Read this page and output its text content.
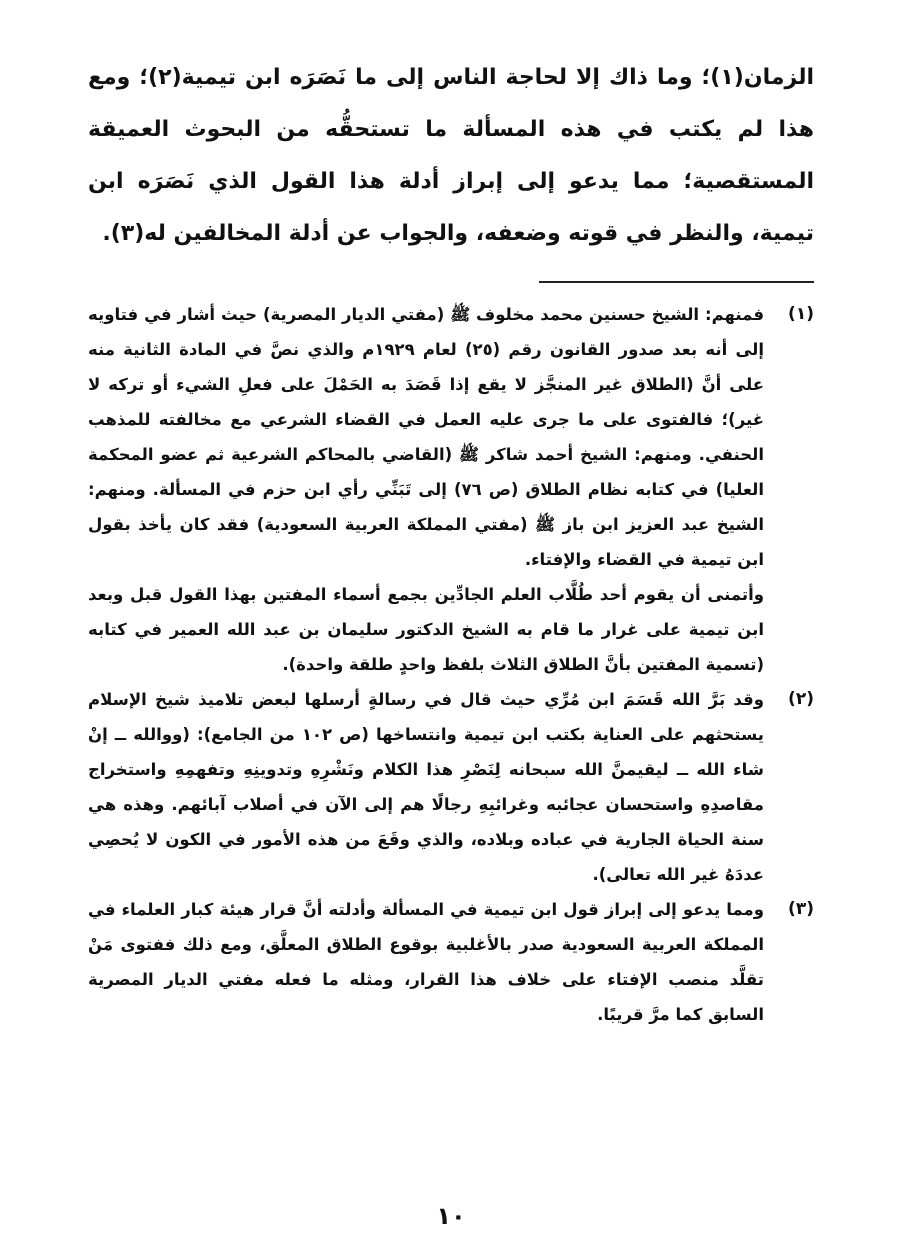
الزمان(١)؛ وما ذاك إلا لحاجة الناس إلى ما نَصَرَه ابن تيمية(٢)؛ ومع هذا لم يكتب في هذه المسألة ما تستحقُّه من البحوث العميقة المستقصية؛ مما يدعو إلى إبراز أدلة هذا القول الذي نَصَرَه ابن تيمية، والنظر في قوته وضعفه، والجواب عن أدلة المخالفين له(٣).

(١)

فمنهم: الشيخ حسنين محمد مخلوف ﷺ (مفتي الديار المصرية) حيث أشار في فتاويه إلى أنه بعد صدور القانون رقم (٢٥) لعام ١٩٢٩م والذي نصَّ في المادة الثانية منه على أنَّ (الطلاق غير المنجَّز لا يقع إذا قَصَدَ به الحَمْلَ على فعلِ الشيء أو تركه لا غير)؛ فالفتوى على ما جرى عليه العمل في القضاء الشرعي مع مخالفته للمذهب الحنفي. ومنهم: الشيخ أحمد شاكر ﷺ (القاضي بالمحاكم الشرعية ثم عضو المحكمة العليا) في كتابه نظام الطلاق (ص ٧٦) إلى تَبَنِّي رأي ابن حزم في المسألة. ومنهم: الشيخ عبد العزيز ابن باز ﷺ (مفتي المملكة العربية السعودية) فقد كان يأخذ بقول ابن تيمية في القضاء والإفتاء.

وأتمنى أن يقوم أحد طُلَّاب العلم الجادِّين بجمع أسماء المفتين بهذا القول قبل وبعد ابن تيمية على غرار ما قام به الشيخ الدكتور سليمان بن عبد الله العمير في كتابه (تسمية المفتين بأنَّ الطلاق الثلاث بلفظ واحدٍ طلقة واحدة).

(٢)

وقد بَرَّ الله قَسَمَ ابن مُرِّي حيث قال في رسالةٍ أرسلها لبعض تلاميذ شيخ الإسلام يستحثهم على العناية بكتب ابن تيمية وانتساخها (ص ١٠٢ من الجامع): (ووالله ــ إنْ شاء الله ــ ليقيمنَّ الله سبحانه لِنَصْرِ هذا الكلام ونَشْرِهِ وتدوينِهِ وتفهمِهِ واستخراج مقاصدِهِ واستحسان عجائبه وغرائبِهِ رجالًا هم إلى الآن في أصلاب آبائهم. وهذه هي سنة الحياة الجارية في عباده وبلاده، والذي وقَعَ من هذه الأمور في الكون لا يُحصِي عددَهُ غير الله تعالى).

(٣)

ومما يدعو إلى إبراز قول ابن تيمية في المسألة وأدلته أنَّ قرار هيئة كبار العلماء في المملكة العربية السعودية صدر بالأغلبية بوقوع الطلاق المعلَّق، ومع ذلك ففتوى مَنْ تقلَّد منصب الإفتاء على خلاف هذا القرار، ومثله ما فعله مفتي الديار المصرية السابق كما مرَّ قريبًا.

١٠
